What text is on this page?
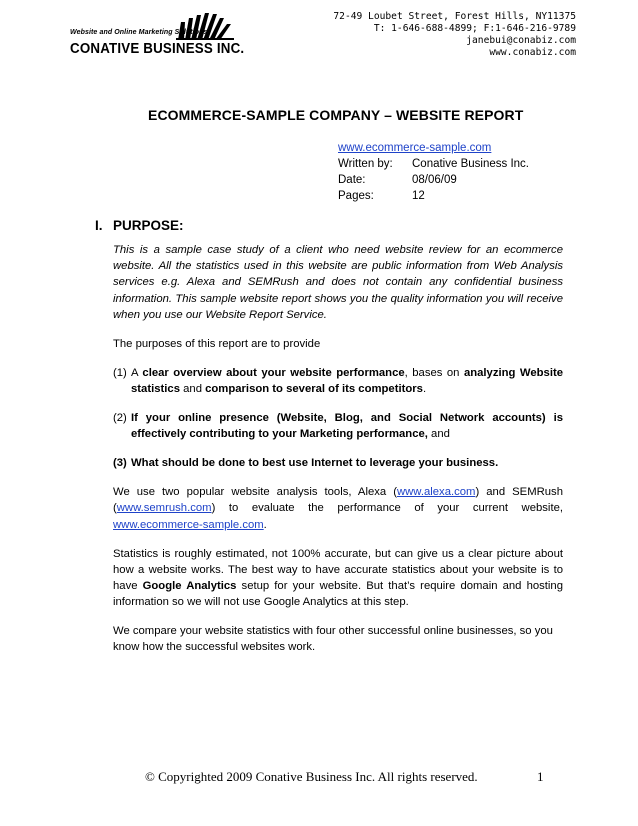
Website and Online Marketing Solutions
CONATIVE BUSINESS INC.
72-49 Loubet Street, Forest Hills, NY11375
T: 1-646-688-4899; F:1-646-216-9789
janebui@conabiz.com
www.conabiz.com
ECOMMERCE-SAMPLE COMPANY – WEBSITE REPORT
www.ecommerce-sample.com
Written by:	Conative Business Inc.
Date:	08/06/09
Pages:	12
I. PURPOSE:

This is a sample case study of a client who need website review for an ecommerce website. All the statistics used in this website are public information from Web Analysis services e.g. Alexa and SEMRush and does not contain any confidential business information. This sample website report shows you the quality information you will receive when you use our Website Report Service.

The purposes of this report are to provide

(1) A clear overview about your website performance, bases on analyzing Website statistics and comparison to several of its competitors.
(2) If your online presence (Website, Blog, and Social Network accounts) is effectively contributing to your Marketing performance, and
(3) What should be done to best use Internet to leverage your business.

We use two popular website analysis tools, Alexa (www.alexa.com) and SEMRush (www.semrush.com) to evaluate the performance of your current website, www.ecommerce-sample.com.

Statistics is roughly estimated, not 100% accurate, but can give us a clear picture about how a website works. The best way to have accurate statistics about your website is to have Google Analytics setup for your website. But that’s require domain and hosting information so we will not use Google Analytics at this step.

We compare your website statistics with four other successful online businesses, so you know how the successful websites work.

© Copyrighted 2009 Conative Business Inc. All rights reserved.	1
